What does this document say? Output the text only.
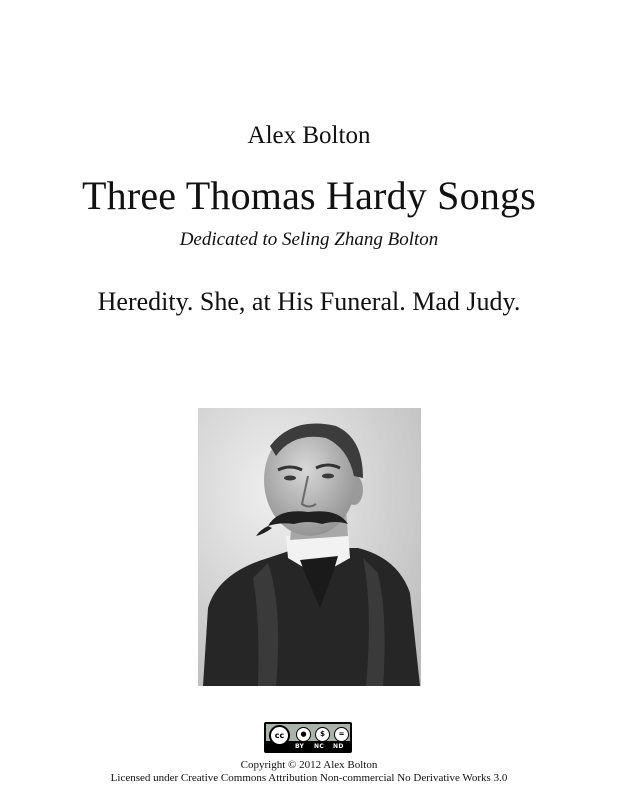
Alex Bolton
Three Thomas Hardy Songs
Dedicated to Seling Zhang Bolton
Heredity. She, at His Funeral. Mad Judy.
cc	●	$	=
BY NC ND
Copyright © 2012 Alex Bolton
Licensed under Creative Commons Attribution Non-commercial No Derivative Works 3.0
